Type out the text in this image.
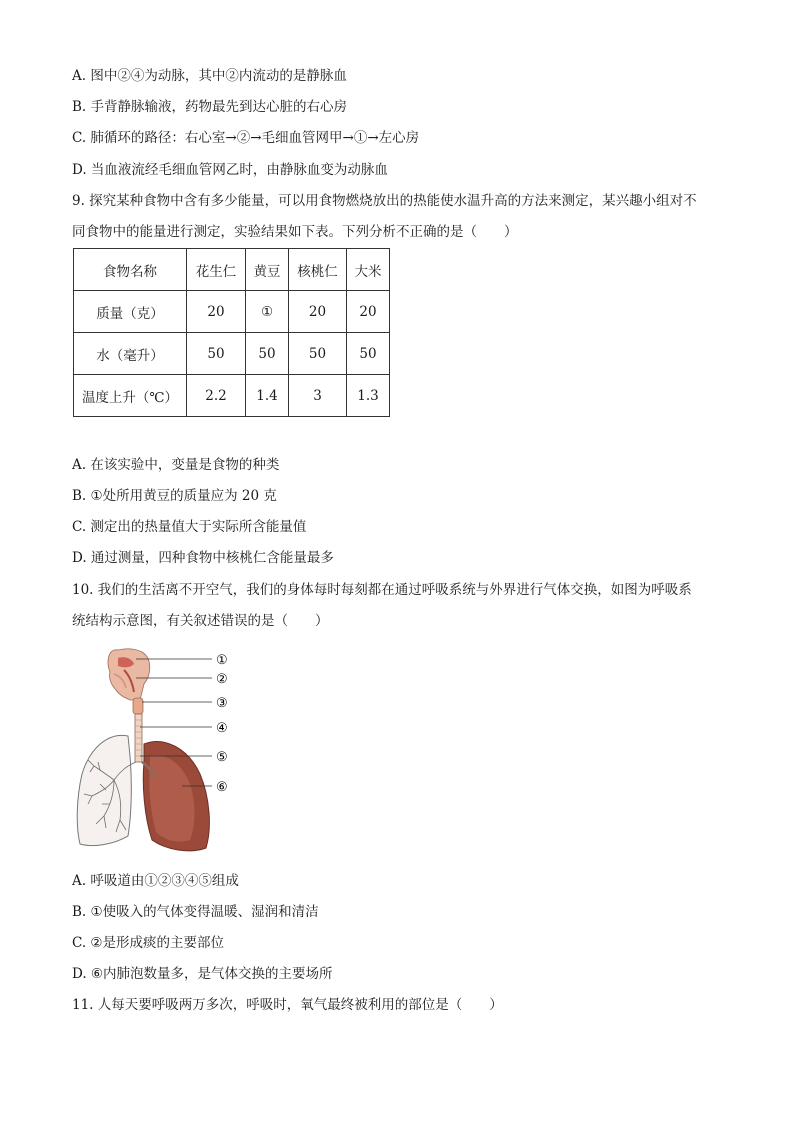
A. 图中②④为动脉，其中②内流动的是静脉血
B. 手背静脉输液，药物最先到达心脏的右心房
C. 肺循环的路径：右心室→②→毛细血管网甲→①→左心房
D. 当血液流经毛细血管网乙时，由静脉血变为动脉血
9. 探究某种食物中含有多少能量，可以用食物燃烧放出的热能使水温升高的方法来测定，某兴趣小组对不
同食物中的能量进行测定，实验结果如下表。下列分析不正确的是（　　）
食物名称	花生仁	黄豆	核桃仁	大米
质量（克）	20	①	20	20
水（毫升）	50	50	50	50
温度上升（℃）	2.2	1.4	3	1.3
A. 在该实验中，变量是食物的种类
B. ①处所用黄豆的质量应为 20 克
C. 测定出的热量值大于实际所含能量值
D. 通过测量，四种食物中核桃仁含能量最多
10. 我们的生活离不开空气，我们的身体每时每刻都在通过呼吸系统与外界进行气体交换，如图为呼吸系
统结构示意图，有关叙述错误的是（　　）
①
②
③
④
⑤
⑥
A. 呼吸道由①②③④⑤组成
B. ①使吸入的气体变得温暖、湿润和清洁
C. ②是形成痰的主要部位
D. ⑥内肺泡数量多，是气体交换的主要场所
11. 人每天要呼吸两万多次，呼吸时，氧气最终被利用的部位是（　　）
